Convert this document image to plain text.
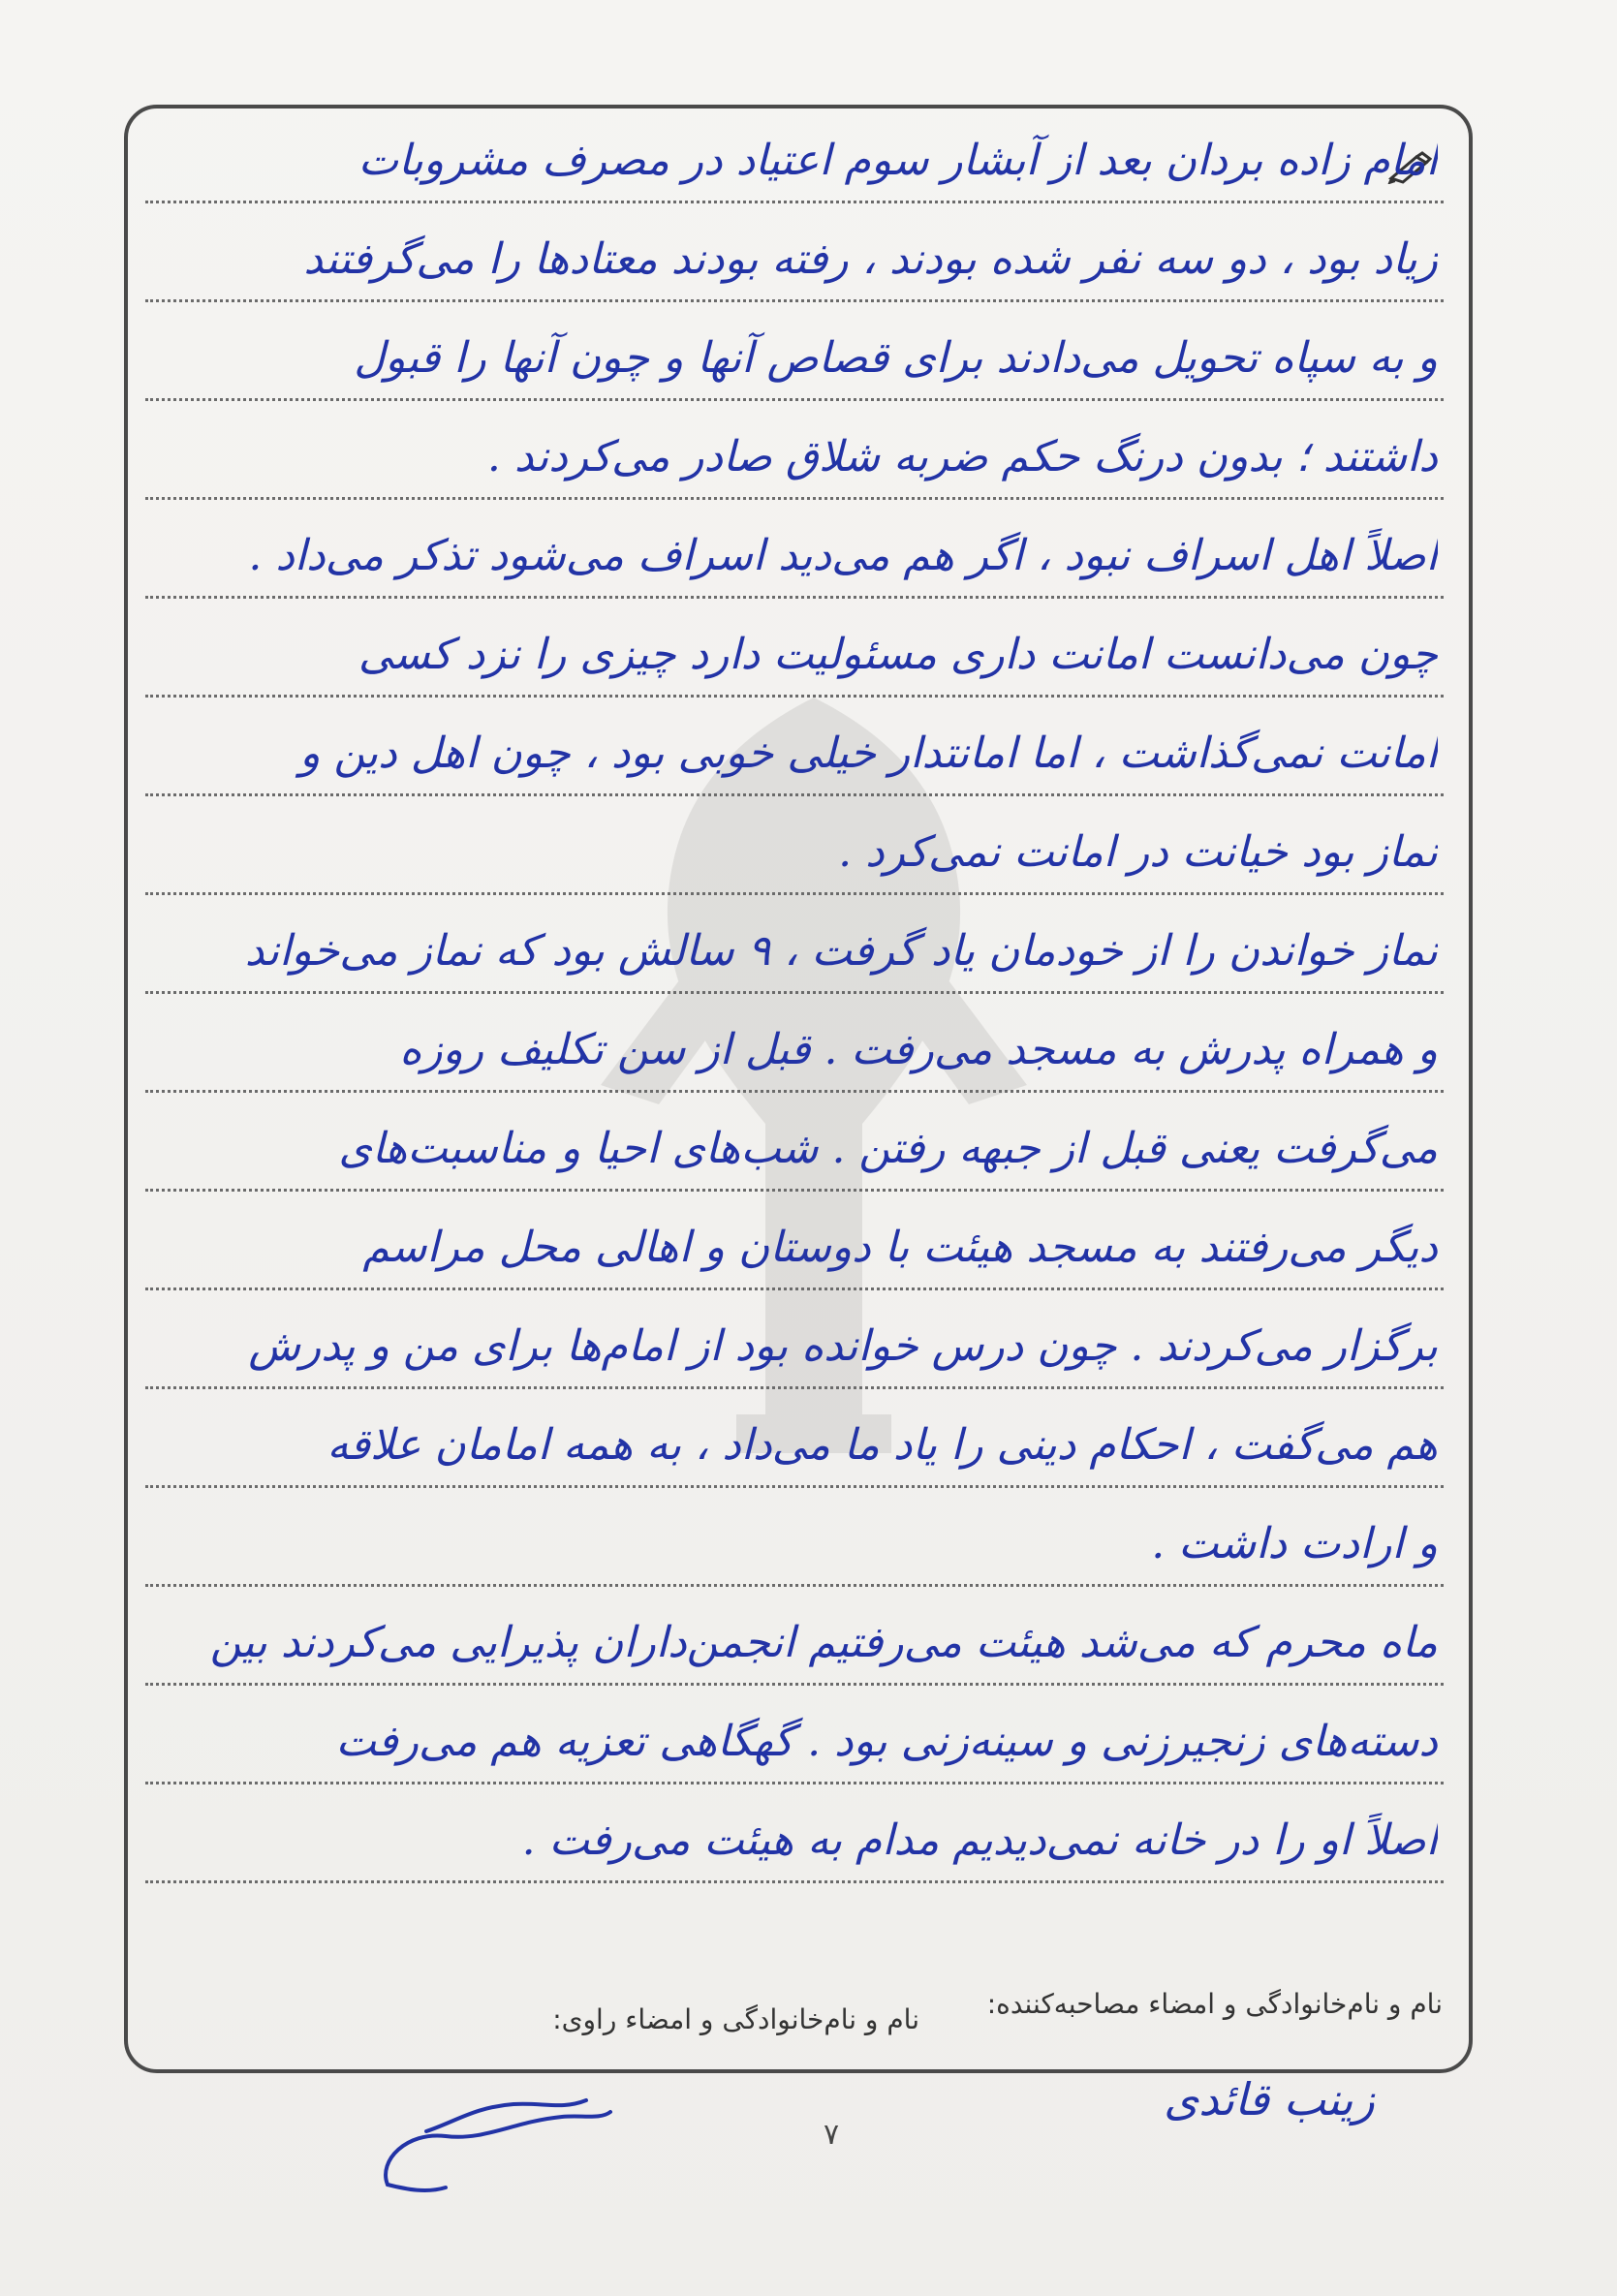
امام زاده بردان بعد از آبشار سوم اعتیاد در مصرف مشروبات
زیاد بود ، دو سه نفر شده بودند ، رفته بودند معتادها را می‌گرفتند
و به سپاه تحویل می‌دادند برای قصاص آنها و چون آنها را قبول
داشتند ؛ بدون درنگ حکم ضربه شلاق صادر می‌کردند .
اصلاً اهل اسراف نبود ، اگر هم می‌دید اسراف می‌شود تذکر می‌داد .
چون می‌دانست امانت داری مسئولیت دارد چیزی را نزد کسی
امانت نمی‌گذاشت ، اما امانتدار خیلی خوبی بود ، چون اهل دین و
نماز بود خیانت در امانت نمی‌کرد .
نماز خواندن را از خودمان یاد گرفت ، ۹ سالش بود که نماز می‌خواند
و همراه پدرش به مسجد می‌رفت . قبل از سن تکلیف روزه
می‌گرفت یعنی قبل از جبهه رفتن . شب‌های احیا و مناسبت‌های
دیگر می‌رفتند به مسجد هیئت با دوستان و اهالی محل مراسم
برگزار می‌کردند . چون درس خوانده بود از امام‌ها برای من و پدرش
هم می‌گفت ، احکام دینی را یاد ما می‌داد ، به همه امامان علاقه
و ارادت داشت .
ماه محرم که می‌شد هیئت می‌رفتیم انجمن‌داران پذیرایی می‌کردند بین
دسته‌های زنجیرزنی و سینه‌زنی بود . گهگاهی تعزیه هم می‌رفت
اصلاً او را در خانه نمی‌دیدیم مدام به هیئت می‌رفت .
نام و نام‌خانوادگی و امضاء مصاحبه‌کننده:
نام و نام‌خانوادگی و امضاء راوی:
زینب قائدی
۷
